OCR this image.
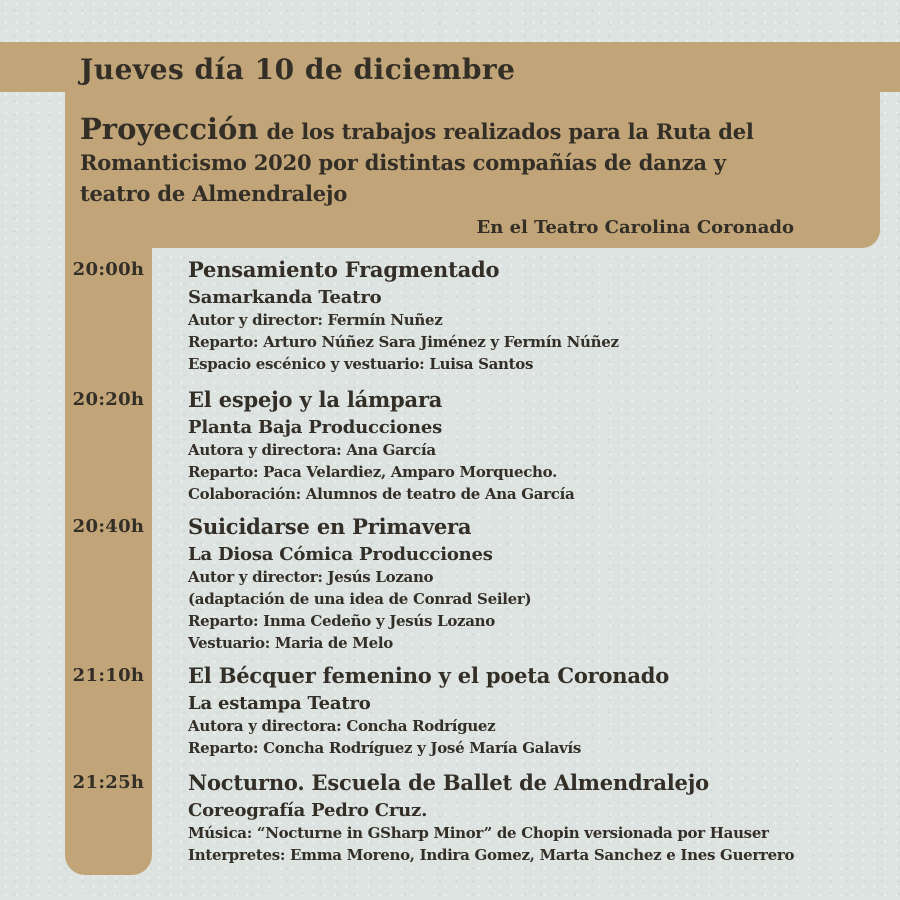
Jueves día 10 de diciembre
Proyección de los trabajos realizados para la Ruta del
Romanticismo 2020 por distintas compañías de danza y
teatro de Almendralejo
En el Teatro Carolina Coronado
20:00h	Pensamiento Fragmentado
Samarkanda Teatro
Autor y director: Fermín Nuñez
Reparto: Arturo Núñez Sara Jiménez y Fermín Núñez
Espacio escénico y vestuario: Luisa Santos
20:20h	El espejo y la lámpara
Planta Baja Producciones
Autora y directora: Ana García
Reparto: Paca Velardiez, Amparo Morquecho.
Colaboración: Alumnos de teatro de Ana García
20:40h	Suicidarse en Primavera
La Diosa Cómica Producciones
Autor y director: Jesús Lozano
(adaptación de una idea de Conrad Seiler)
Reparto: Inma Cedeño y Jesús Lozano
Vestuario: Maria de Melo
21:10h	El Bécquer femenino y el poeta Coronado
La estampa Teatro
Autora y directora: Concha Rodríguez
Reparto: Concha Rodríguez y José María Galavís
21:25h	Nocturno. Escuela de Ballet de Almendralejo
Coreografía Pedro Cruz.
Música: “Nocturne in GSharp Minor” de Chopin versionada por Hauser
Interpretes: Emma Moreno, Indira Gomez, Marta Sanchez e Ines Guerrero
